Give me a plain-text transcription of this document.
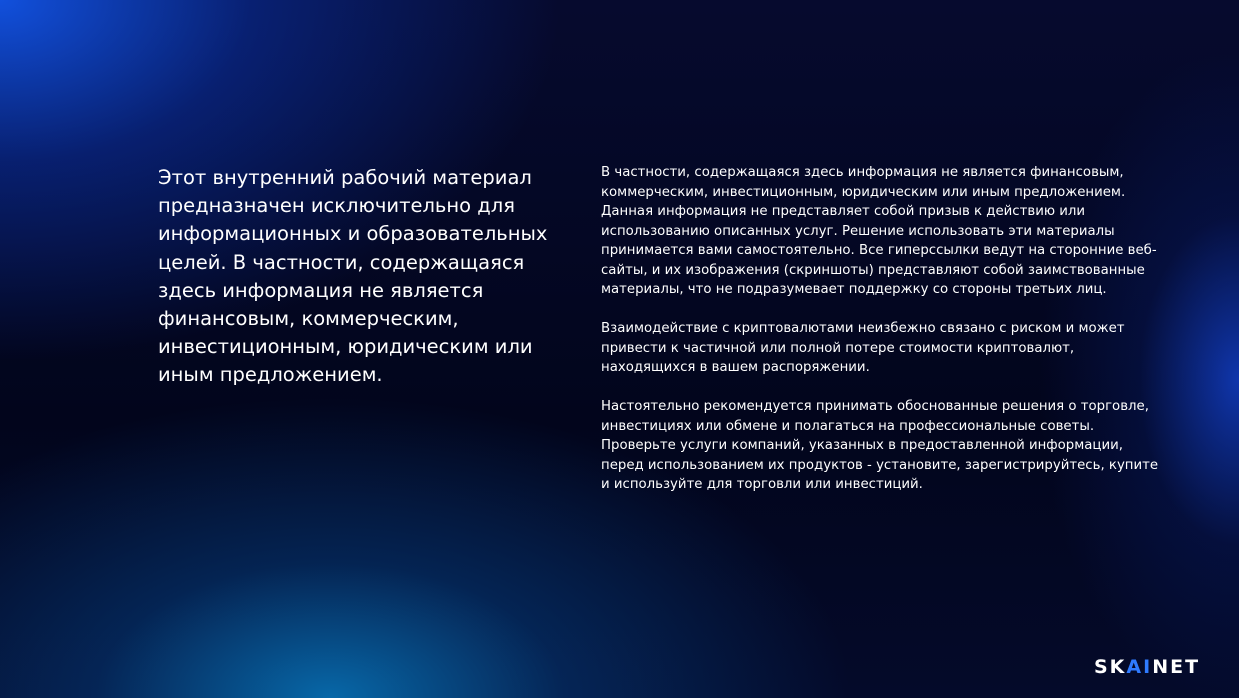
Этот внутренний рабочий материал предназначен исключительно для информационных и образовательных целей. В частности, содержащаяся здесь информация не является финансовым, коммерческим, инвестиционным, юридическим или иным предложением.

В частности, содержащаяся здесь информация не является финансовым, коммерческим, инвестиционным, юридическим или иным предложением. Данная информация не представляет собой призыв к действию или использованию описанных услуг. Решение использовать эти материалы принимается вами самостоятельно. Все гиперссылки ведут на сторонние веб-сайты, и их изображения (скриншоты) представляют собой заимствованные материалы, что не подразумевает поддержку со стороны третьих лиц.

Взаимодействие с криптовалютами неизбежно связано с риском и может привести к частичной или полной потере стоимости криптовалют, находящихся в вашем распоряжении.

Настоятельно рекомендуется принимать обоснованные решения о торговле, инвестициях или обмене и полагаться на профессиональные советы. Проверьте услуги компаний, указанных в предоставленной информации, перед использованием их продуктов - установите, зарегистрируйтесь, купите и используйте для торговли или инвестиций.

SKAINET
